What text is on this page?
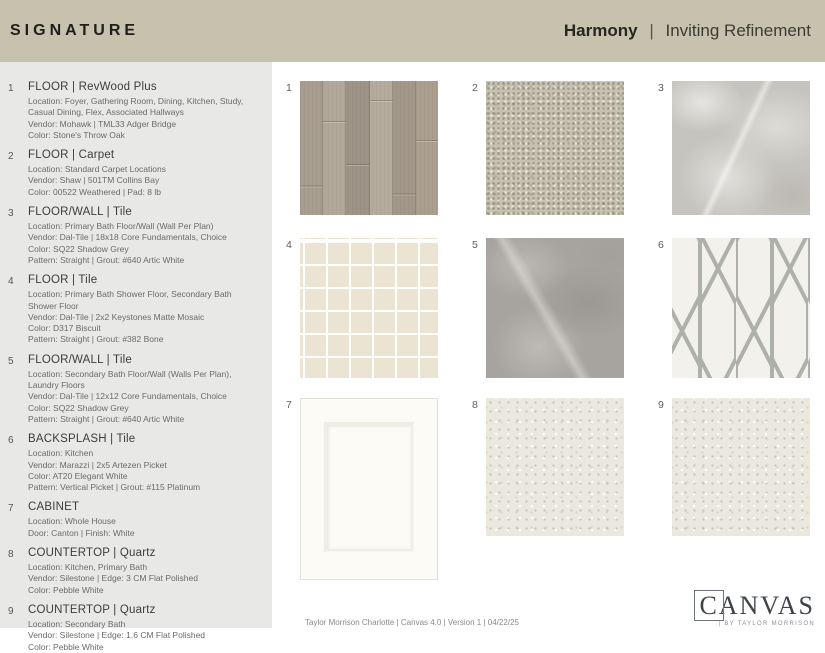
SIGNATURE	Harmony | Inviting Refinement
1	FLOOR | RevWood Plus
Location: Foyer, Gathering Room, Dining, Kitchen, Study, Casual Dining, Flex, Associated Hallways
Vendor: Mohawk | TML33 Adger Bridge
Color: Stone's Throw Oak
2	FLOOR | Carpet
Location: Standard Carpet Locations
Vendor: Shaw | 501TM Collins Bay
Color: 00522 Weathered | Pad: 8 lb
3	FLOOR/WALL | Tile
Location: Primary Bath Floor/Wall (Wall Per Plan)
Vendor: Dal-Tile | 18x18 Core Fundamentals, Choice
Color: SQ22 Shadow Grey
Pattern: Straight | Grout: #640 Artic White
4	FLOOR | Tile
Location: Primary Bath Shower Floor, Secondary Bath Shower Floor
Vendor: Dal-Tile | 2x2 Keystones Matte Mosaic
Color: D317 Biscuit
Pattern: Straight | Grout: #382 Bone
5	FLOOR/WALL | Tile
Location: Secondary Bath Floor/Wall (Walls Per Plan), Laundry Floors
Vendor: Dal-Tile | 12x12 Core Fundamentals, Choice
Color: SQ22 Shadow Grey
Pattern: Straight | Grout: #640 Artic White
6	BACKSPLASH | Tile
Location: Kitchen
Vendor: Marazzi | 2x5 Artezen Picket
Color: AT20 Elegant White
Pattern: Vertical Picket | Grout: #115 Platinum
7	CABINET
Location: Whole House
Door: Canton | Finish: White
8	COUNTERTOP | Quartz
Location: Kitchen, Primary Bath
Vendor: Silestone | Edge: 3 CM Flat Polished
Color: Pebble White
9	COUNTERTOP | Quartz
Location: Secondary Bath
Vendor: Silestone | Edge: 1.6 CM Flat Polished
Color: Pebble White
1	2	3
4	5	6
7	8	9
Taylor Morrison Charlotte | Canvas 4.0 | Version 1 | 04/22/25
CANVAS
| BY TAYLOR MORRISON
